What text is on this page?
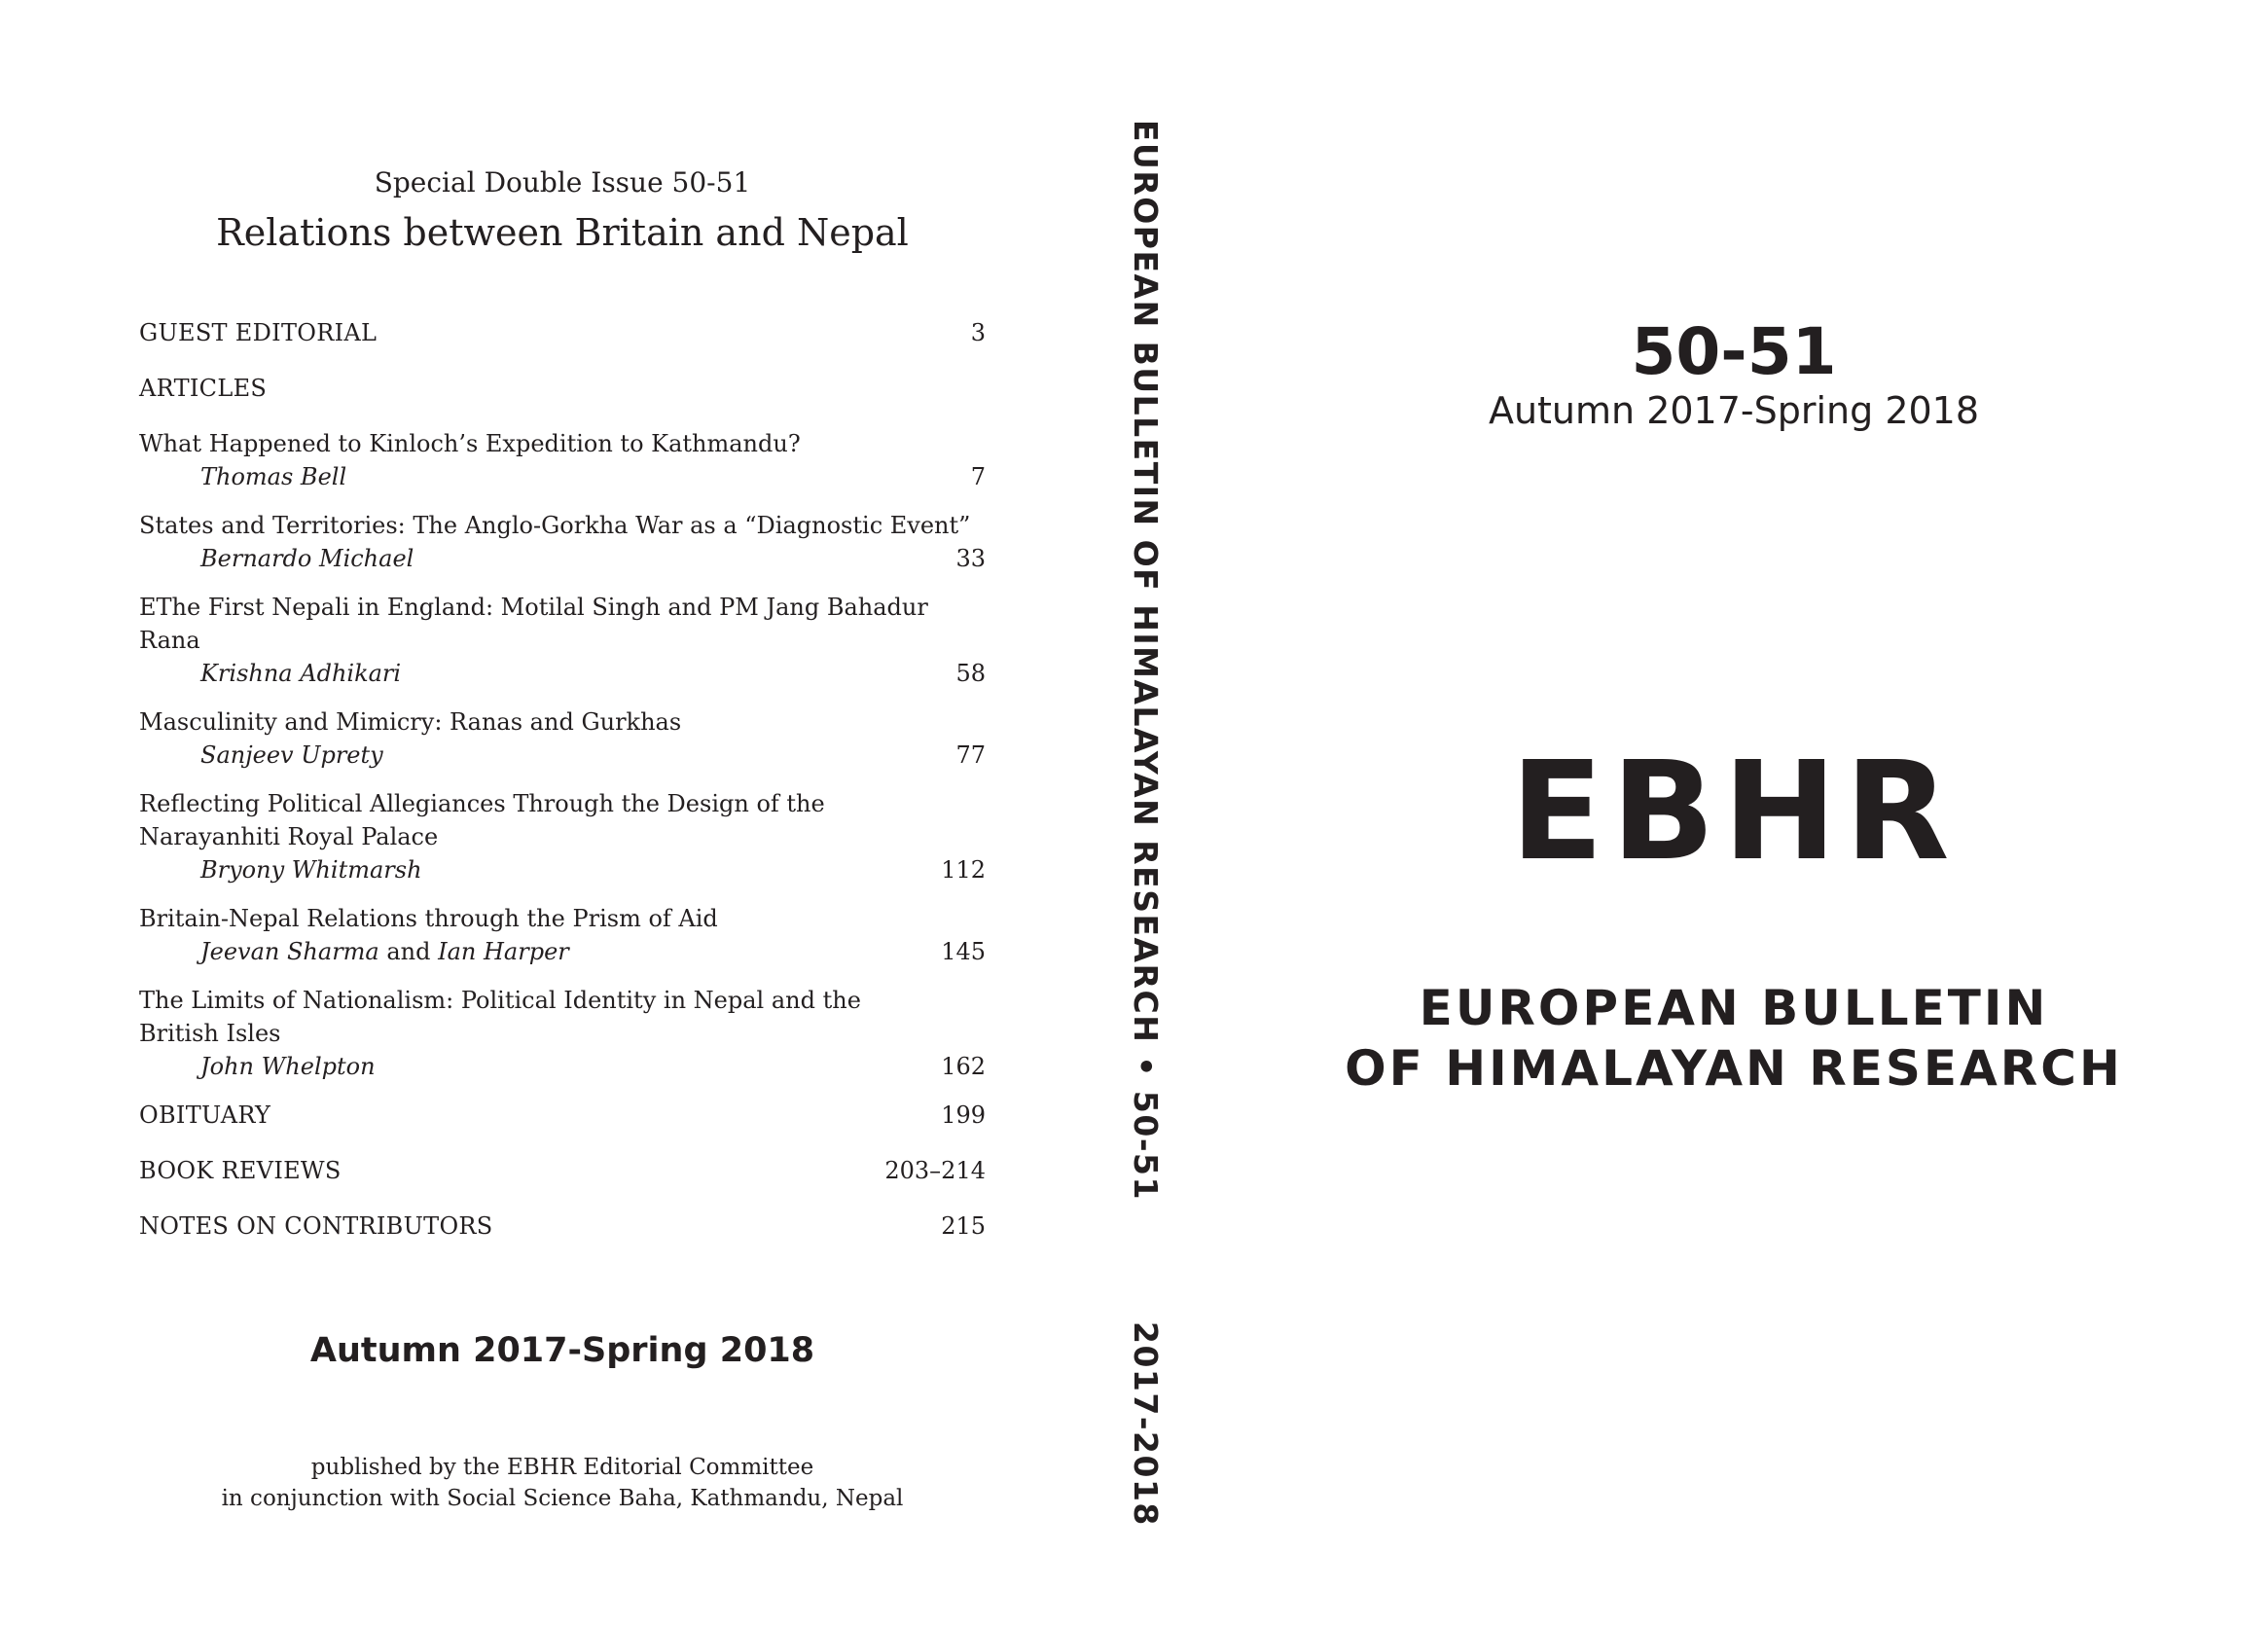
Special Double Issue 50-51
Relations between Britain and Nepal
GUEST EDITORIAL	3
ARTICLES
What Happened to Kinloch’s Expedition to Kathmandu?
Thomas Bell	7
States and Territories: The Anglo-Gorkha War as a “Diagnostic Event”
Bernardo Michael	33
EThe First Nepali in England: Motilal Singh and PM Jang Bahadur Rana
Krishna Adhikari	58
Masculinity and Mimicry: Ranas and Gurkhas
Sanjeev Uprety	77
Reflecting Political Allegiances Through the Design of the
Narayanhiti Royal Palace
Bryony Whitmarsh	112
Britain-Nepal Relations through the Prism of Aid
Jeevan Sharma and Ian Harper	145
The Limits of Nationalism: Political Identity in Nepal and the
British Isles
John Whelpton	162
OBITUARY	199
BOOK REVIEWS	203–214
NOTES ON CONTRIBUTORS	215
Autumn 2017-Spring 2018
published by the EBHR Editorial Committee
in conjunction with Social Science Baha, Kathmandu, Nepal
EUROPEAN BULLETIN OF HIMALAYAN RESEARCH • 50-51
2017-2018
50-51
Autumn 2017-Spring 2018
EBHR
EUROPEAN BULLETIN
OF HIMALAYAN RESEARCH
